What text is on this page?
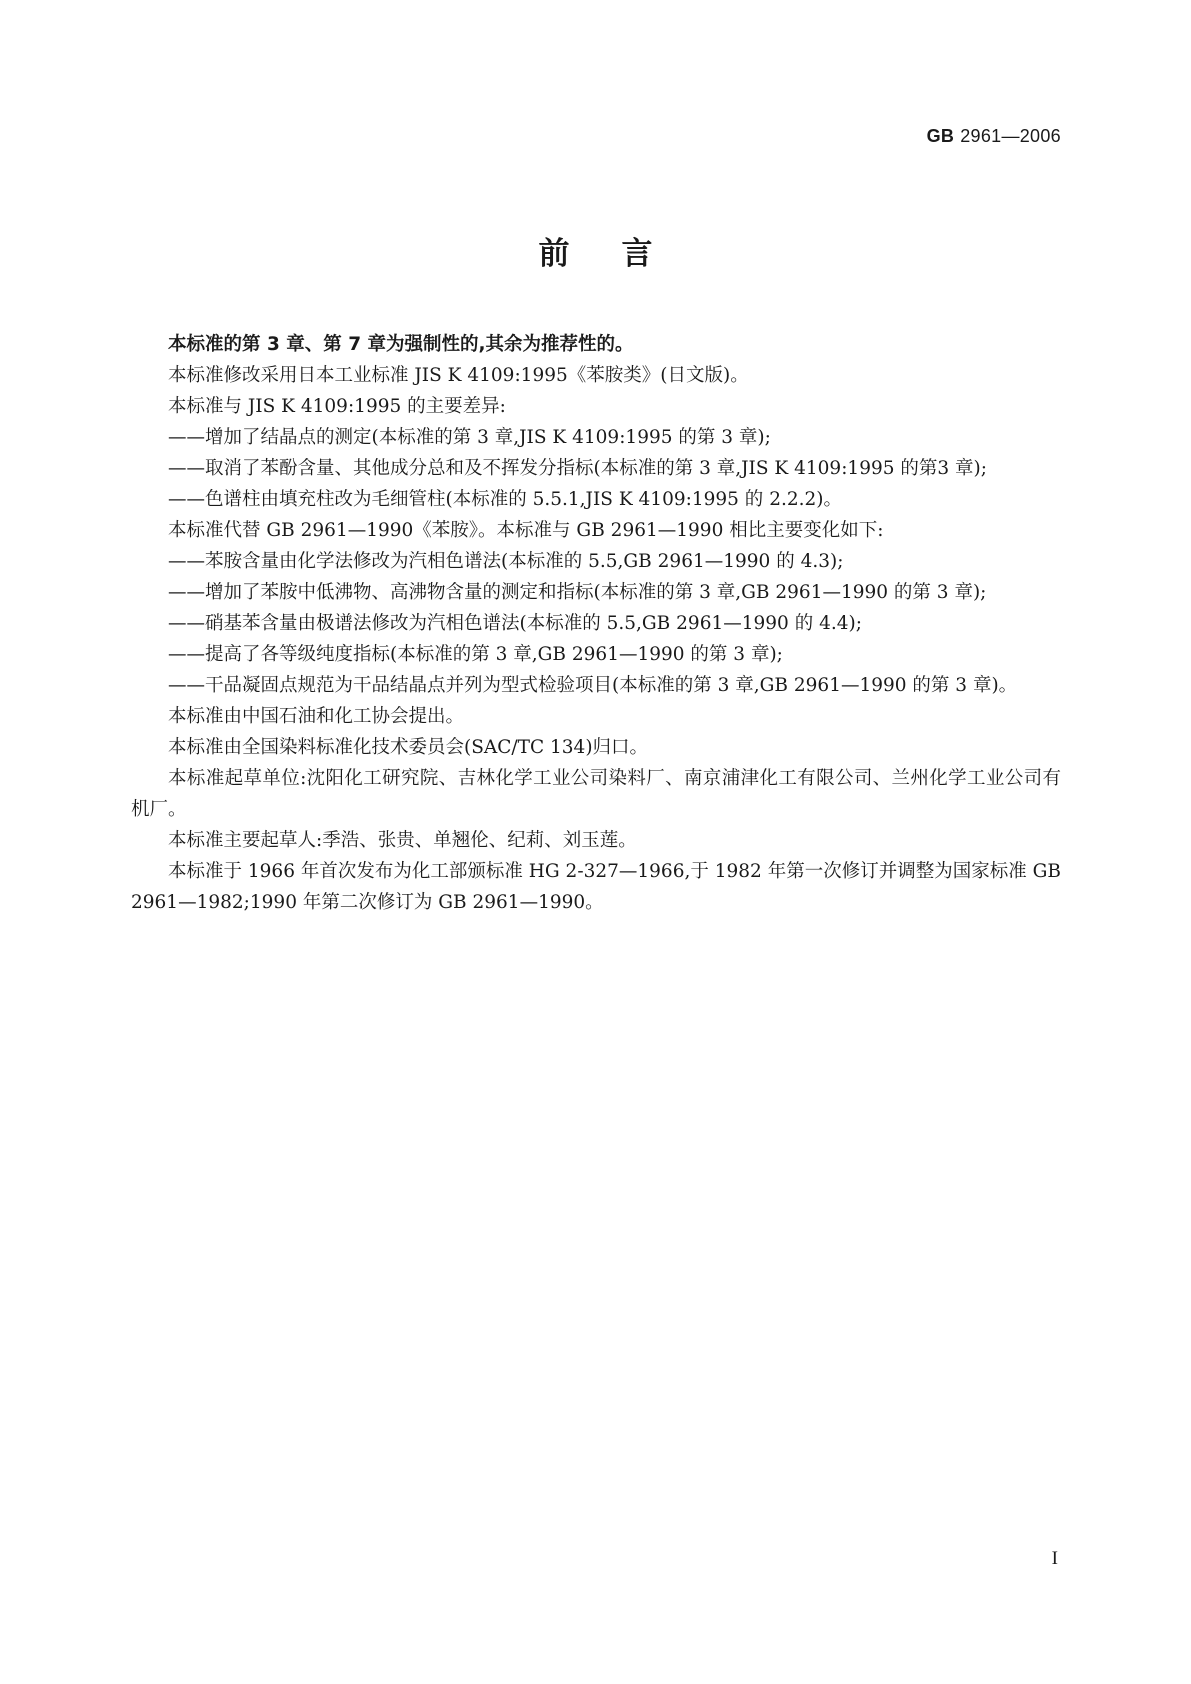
GB 2961—2006
前言

本标准的第 3 章、第 7 章为强制性的,其余为推荐性的。

本标准修改采用日本工业标准 JIS K 4109:1995《苯胺类》(日文版)。

本标准与 JIS K 4109:1995 的主要差异:

——增加了结晶点的测定(本标准的第 3 章,JIS K 4109:1995 的第 3 章);

——取消了苯酚含量、其他成分总和及不挥发分指标(本标准的第 3 章,JIS K 4109:1995 的第3 章);

——色谱柱由填充柱改为毛细管柱(本标准的 5.5.1,JIS K 4109:1995 的 2.2.2)。

本标准代替 GB 2961—1990《苯胺》。本标准与 GB 2961—1990 相比主要变化如下:

——苯胺含量由化学法修改为汽相色谱法(本标准的 5.5,GB 2961—1990 的 4.3);

——增加了苯胺中低沸物、高沸物含量的测定和指标(本标准的第 3 章,GB 2961—1990 的第 3 章);

——硝基苯含量由极谱法修改为汽相色谱法(本标准的 5.5,GB 2961—1990 的 4.4);

——提高了各等级纯度指标(本标准的第 3 章,GB 2961—1990 的第 3 章);

——干品凝固点规范为干品结晶点并列为型式检验项目(本标准的第 3 章,GB 2961—1990 的第 3 章)。

本标准由中国石油和化工协会提出。

本标准由全国染料标准化技术委员会(SAC/TC 134)归口。

本标准起草单位:沈阳化工研究院、吉林化学工业公司染料厂、南京浦津化工有限公司、兰州化学工业公司有机厂。

本标准主要起草人:季浩、张贵、单翘伦、纪莉、刘玉莲。

本标准于 1966 年首次发布为化工部颁标准 HG 2-327—1966,于 1982 年第一次修订并调整为国家标准 GB 2961—1982;1990 年第二次修订为 GB 2961—1990。

I
